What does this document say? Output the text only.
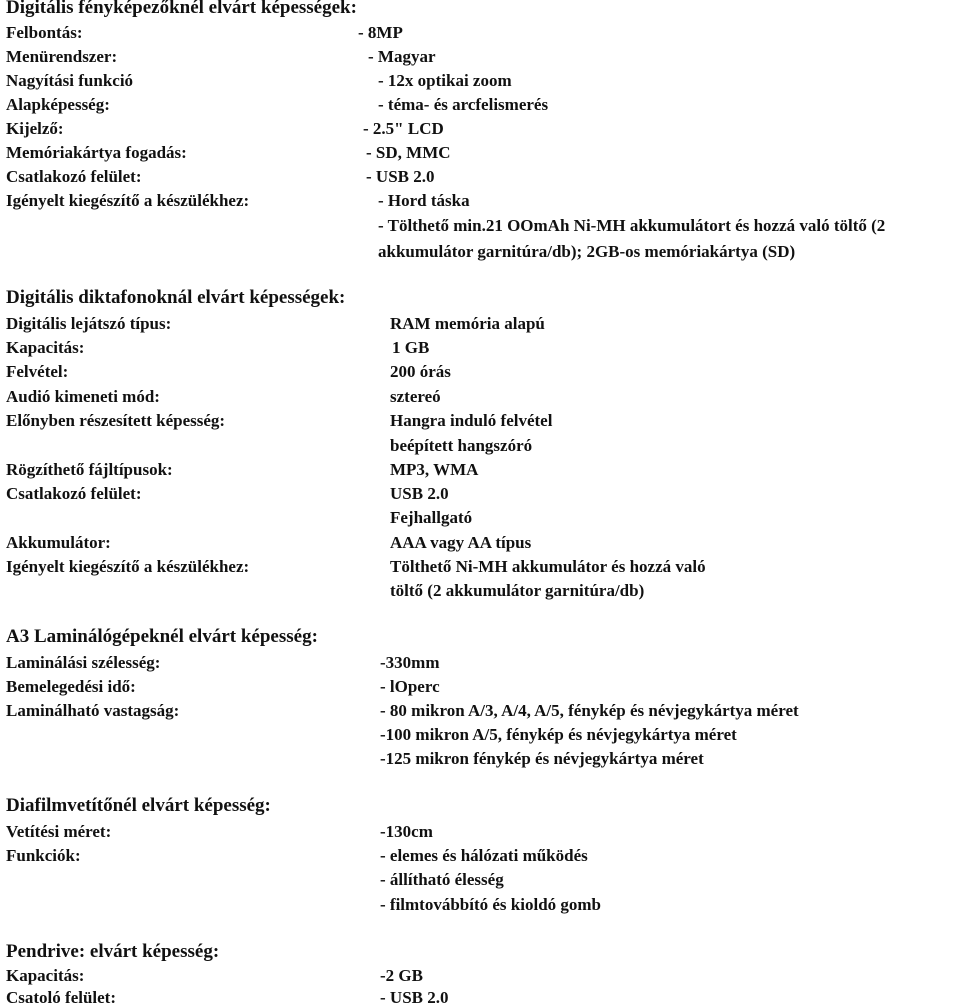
Digitális fényképezőknél elvárt képességek:
Felbontás:	- 8MP
Menürendszer:	- Magyar
Nagyítási funkció	- 12x optikai zoom
Alapképesség:	- téma- és arcfelismerés
Kijelző:	- 2.5" LCD
Memóriakártya fogadás:	- SD, MMC
Csatlakozó felület:	- USB 2.0
Igényelt kiegészítő a készülékhez:	- Hord táska
- Tölthető min.21 OOmAh Ni-MH akkumulátort és hozzá való töltő (2
akkumulátor garnitúra/db); 2GB-os memóriakártya (SD)
Digitális diktafonoknál elvárt képességek:
Digitális lejátszó típus:	RAM memória alapú
Kapacitás:	1 GB
Felvétel:	200 órás
Audió kimeneti mód:	sztereó
Előnyben részesített képesség:	Hangra induló felvétel
beépített hangszóró
Rögzíthető fájltípusok:	MP3, WMA
Csatlakozó felület:	USB 2.0
Fejhallgató
Akkumulátor:	AAA vagy AA típus
Igényelt kiegészítő a készülékhez:	Tölthető Ni-MH akkumulátor és hozzá való
töltő (2 akkumulátor garnitúra/db)
A3 Laminálógépeknél elvárt képesség:
Laminálási szélesség:	-330mm
Bemelegedési idő:	- lOperc
Laminálható vastagság:	- 80 mikron A/3, A/4, A/5, fénykép és névjegykártya méret
-100 mikron A/5, fénykép és névjegykártya méret
-125 mikron fénykép és névjegykártya méret
Diafilmvetítőnél elvárt képesség:
Vetítési méret:	-130cm
Funkciók:	- elemes és hálózati működés
- állítható élesség
- filmtovábbító és kioldó gomb
Pendrive: elvárt képesség:
Kapacitás:	-2 GB
Csatoló felület:	- USB 2.0
